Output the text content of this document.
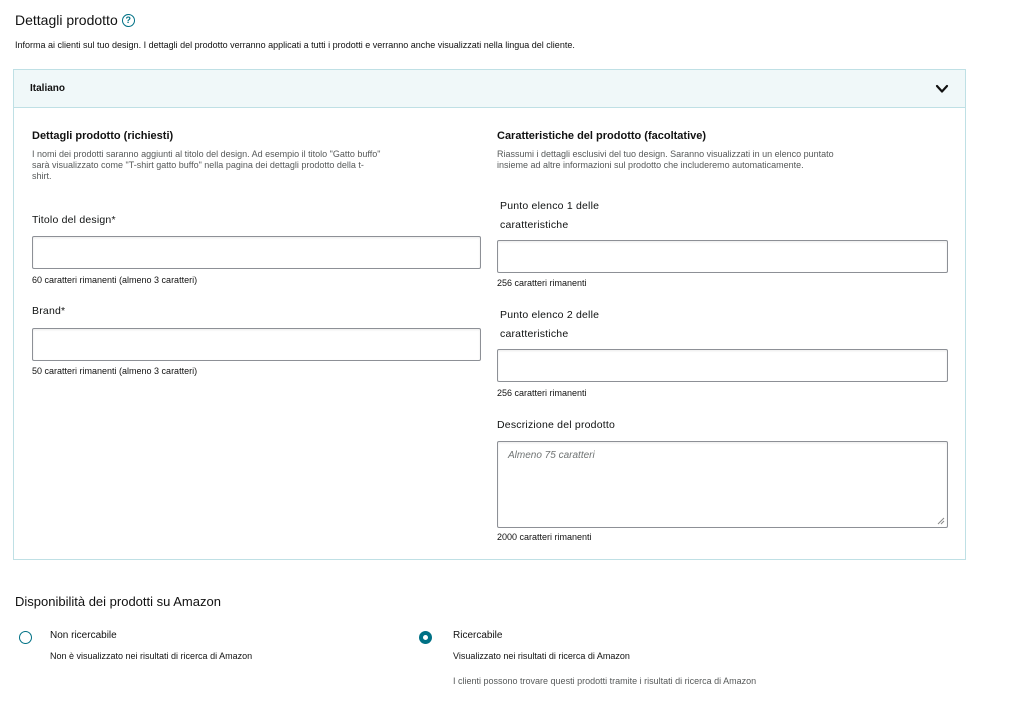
Dettagli prodotto ?
Informa ai clienti sul tuo design. I dettagli del prodotto verranno applicati a tutti i prodotti e verranno anche visualizzati nella lingua del cliente.
Italiano
Dettagli prodotto (richiesti)
I nomi dei prodotti saranno aggiunti al titolo del design. Ad esempio il titolo "Gatto buffo"
sarà visualizzato come "T-shirt gatto buffo" nella pagina dei dettagli prodotto della t-
shirt.
Titolo del design*
60 caratteri rimanenti (almeno 3 caratteri)
Brand*
50 caratteri rimanenti (almeno 3 caratteri)
Caratteristiche del prodotto (facoltative)
Riassumi i dettagli esclusivi del tuo design. Saranno visualizzati in un elenco puntato
insieme ad altre informazioni sul prodotto che includeremo automaticamente.
Punto elenco 1 delle
caratteristiche
256 caratteri rimanenti
Punto elenco 2 delle
caratteristiche
256 caratteri rimanenti
Descrizione del prodotto
Almeno 75 caratteri
2000 caratteri rimanenti
Disponibilità dei prodotti su Amazon
Non ricercabile
Non è visualizzato nei risultati di ricerca di Amazon
Ricercabile
Visualizzato nei risultati di ricerca di Amazon
I clienti possono trovare questi prodotti tramite i risultati di ricerca di Amazon
